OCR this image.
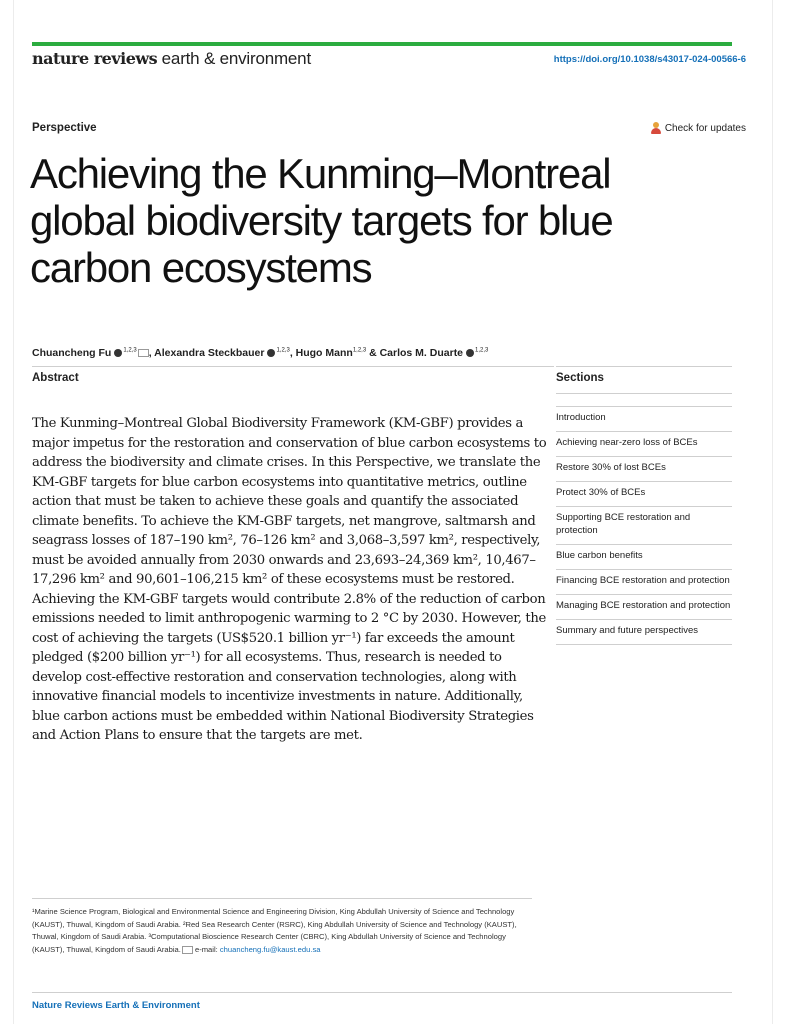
nature reviews earth & environment	https://doi.org/10.1038/s43017-024-00566-6
Perspective	Check for updates
Achieving the Kunming–Montreal global biodiversity targets for blue carbon ecosystems
Chuancheng Fu $^{1,2,3}$ , Alexandra Steckbauer $^{1,2,3}$, Hugo Mann$^{1,2,3}$ & Carlos M. Duarte $^{1,2,3}$
Abstract

The Kunming–Montreal Global Biodiversity Framework (KM-GBF) provides a major impetus for the restoration and conservation of blue carbon ecosystems to address the biodiversity and climate crises. In this Perspective, we translate the KM-GBF targets for blue carbon ecosystems into quantitative metrics, outline action that must be taken to achieve these goals and quantify the associated climate benefits. To achieve the KM-GBF targets, net mangrove, saltmarsh and seagrass losses of 187–190 km², 76–126 km² and 3,068–3,597 km², respectively, must be avoided annually from 2030 onwards and 23,693–24,369 km², 10,467–17,296 km² and 90,601–106,215 km² of these ecosystems must be restored. Achieving the KM-GBF targets would contribute 2.8% of the reduction of carbon emissions needed to limit anthropogenic warming to 2 °C by 2030. However, the cost of achieving the targets (US$520.1 billion yr⁻¹) far exceeds the amount pledged ($200 billion yr⁻¹) for all ecosystems. Thus, research is needed to develop cost-effective restoration and conservation technologies, along with innovative financial models to incentivize investments in nature. Additionally, blue carbon actions must be embedded within National Biodiversity Strategies and Action Plans to ensure that the targets are met.

Sections
Introduction
Achieving near-zero loss of BCEs
Restore 30% of lost BCEs
Protect 30% of BCEs
Supporting BCE restoration and protection
Blue carbon benefits
Financing BCE restoration and protection
Managing BCE restoration and protection
Summary and future perspectives

¹Marine Science Program, Biological and Environmental Science and Engineering Division, King Abdullah University of Science and Technology (KAUST), Thuwal, Kingdom of Saudi Arabia. ²Red Sea Research Center (RSRC), King Abdullah University of Science and Technology (KAUST), Thuwal, Kingdom of Saudi Arabia. ³Computational Bioscience Research Center (CBRC), King Abdullah University of Science and Technology (KAUST), Thuwal, Kingdom of Saudi Arabia. e-mail: chuancheng.fu@kaust.edu.sa

Nature Reviews Earth & Environment
